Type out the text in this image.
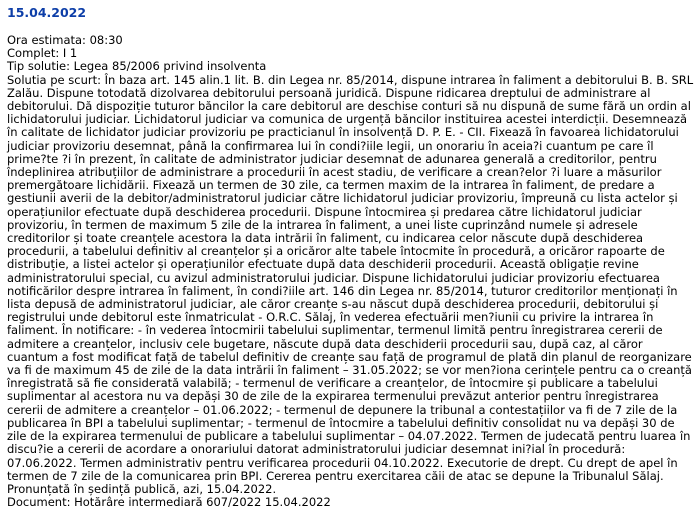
15.04.2022
Ora estimata: 08:30
Complet: I 1
Tip solutie: Legea 85/2006 privind insolventa
Solutia pe scurt: În baza art. 145 alin.1 lit. B. din Legea nr. 85/2014, dispune intrarea în faliment a debitorului B. B. SRL Zalău. Dispune totodată dizolvarea debitorului persoană juridică. Dispune ridicarea dreptului de administrare al debitorului. Dă dispoziție tuturor băncilor la care debitorul are deschise conturi să nu dispună de sume fără un ordin al lichidatorului judiciar. Lichidatorul judiciar va comunica de urgență băncilor instituirea acestei interdicții. Desemnează în calitate de lichidator judiciar provizoriu pe practicianul în insolvență D. P. E. - CII. Fixează în favoarea lichidatorului judiciar provizoriu desemnat, până la confirmarea lui în condi?iile legii, un onorariu în aceia?i cuantum pe care îl prime?te ?i în prezent, în calitate de administrator judiciar desemnat de adunarea generală a creditorilor, pentru îndeplinirea atribuțiilor de administrare a procedurii în acest stadiu, de verificare a crean?elor ?i luare a măsurilor premergătoare lichidării. Fixează un termen de 30 zile, ca termen maxim de la intrarea în faliment, de predare a gestiunii averii de la debitor/administratorul judiciar către lichidatorul judiciar provizoriu, împreună cu lista actelor și operațiunilor efectuate după deschiderea procedurii. Dispune întocmirea și predarea către lichidatorul judiciar provizoriu, în termen de maximum 5 zile de la intrarea în faliment, a unei liste cuprinzând numele și adresele creditorilor și toate creanțele acestora la data intrării în faliment, cu indicarea celor născute după deschiderea procedurii, a tabelului definitiv al creanțelor și a oricăror alte tabele întocmite în procedură, a oricăror rapoarte de distribuție, a listei actelor și operațiunilor efectuate după data deschiderii procedurii. Această obligație revine administratorului special, cu avizul administratorului judiciar. Dispune lichidatorului judiciar provizoriu efectuarea notificărilor despre intrarea în faliment, în condi?iile art. 146 din Legea nr. 85/2014, tuturor creditorilor menționați în lista depusă de administratorul judiciar, ale căror creanțe s-au născut după deschiderea procedurii, debitorului și registrului unde debitorul este înmatriculat - O.R.C. Sălaj, în vederea efectuării men?iunii cu privire la intrarea în faliment. În notificare: - în vederea întocmirii tabelului suplimentar, termenul limită pentru înregistrarea cererii de admitere a creanțelor, inclusiv cele bugetare, născute după data deschiderii procedurii sau, după caz, al căror cuantum a fost modificat față de tabelul definitiv de creanțe sau față de programul de plată din planul de reorganizare va fi de maximum 45 de zile de la data intrării în faliment – 31.05.2022; se vor men?iona cerințele pentru ca o creanță înregistrată să fie considerată valabilă; - termenul de verificare a creanțelor, de întocmire și publicare a tabelului suplimentar al acestora nu va depăși 30 de zile de la expirarea termenului prevăzut anterior pentru înregistrarea cererii de admitere a creanțelor – 01.06.2022; - termenul de depunere la tribunal a contestațiilor va fi de 7 zile de la publicarea în BPI a tabelului suplimentar; - termenul de întocmire a tabelului definitiv consolidat nu va depăși 30 de zile de la expirarea termenului de publicare a tabelului suplimentar – 04.07.2022. Termen de judecată pentru luarea în discu?ie a cererii de acordare a onorariului datorat administratorului judiciar desemnat ini?ial în procedură: 07.06.2022. Termen administrativ pentru verificarea procedurii 04.10.2022. Executorie de drept. Cu drept de apel în termen de 7 zile de la comunicarea prin BPI. Cererea pentru exercitarea căii de atac se depune la Tribunalul Sălaj. Pronunțată în ședință publică, azi, 15.04.2022.
Document: Hotărâre intermediară 607/2022 15.04.2022
